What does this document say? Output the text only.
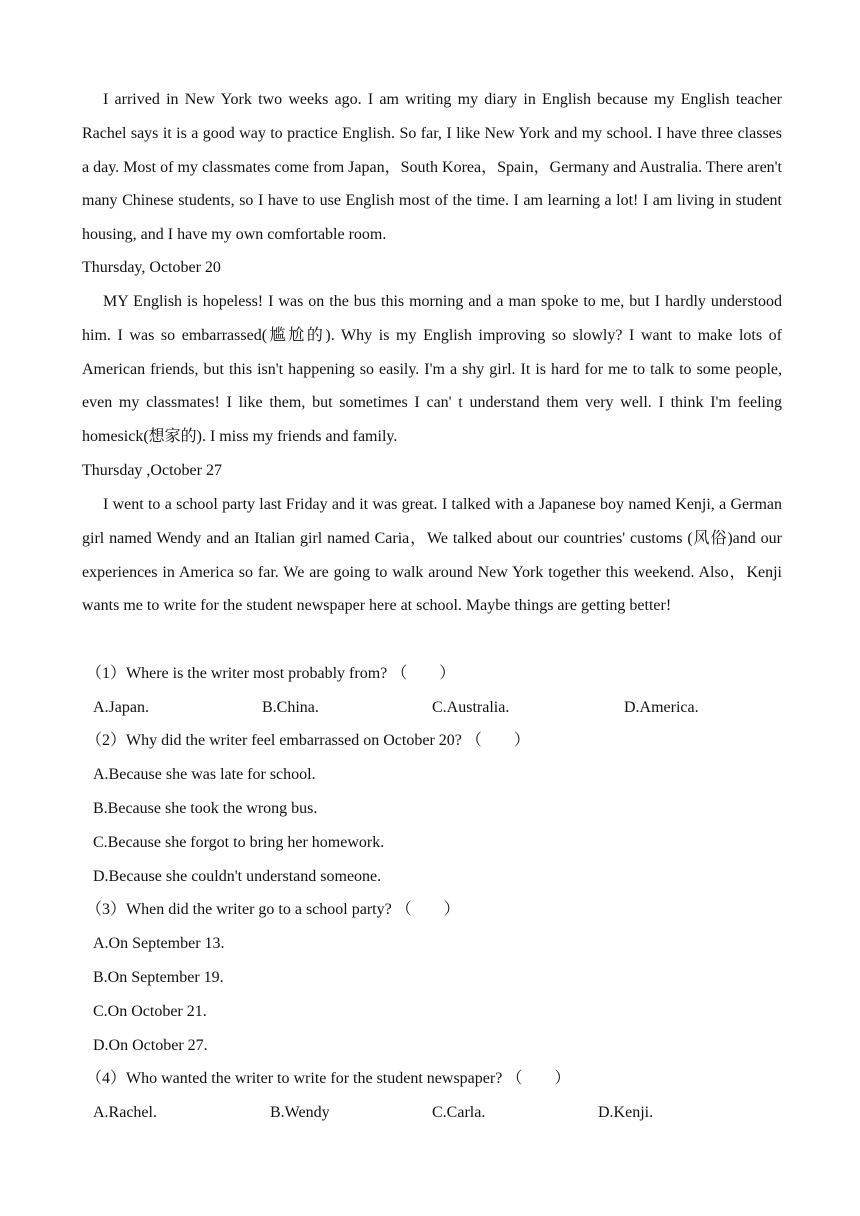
I arrived in New York two weeks ago. I am writing my diary in English because my English teacher Rachel says it is a good way to practice English. So far, I like New York and my school. I have three classes a day. Most of my classmates come from Japan，South Korea，Spain，Germany and Australia. There aren't many Chinese students, so I have to use English most of the time. I am learning a lot! I am living in student housing, and I have my own comfortable room.

Thursday, October 20

MY English is hopeless! I was on the bus this morning and a man spoke to me, but I hardly understood him. I was so embarrassed(尴尬的). Why is my English improving so slowly? I want to make lots of American friends, but this isn't happening so easily. I'm a shy girl. It is hard for me to talk to some people, even my classmates! I like them, but sometimes I can' t understand them very well. I think I'm feeling homesick(想家的). I miss my friends and family.

Thursday ,October 27

I went to a school party last Friday and it was great. I talked with a Japanese boy named Kenji, a German girl named Wendy and an Italian girl named Caria，We talked about our countries' customs (风俗)and our experiences in America so far. We are going to walk around New York together this weekend. Also，Kenji wants me to write for the student newspaper here at school. Maybe things are getting better!

（1）Where is the writer most probably from? （　　）
A.Japan.	B.China.	C.Australia.	D.America.
（2）Why did the writer feel embarrassed on October 20? （　　）
A.Because she was late for school.
B.Because she took the wrong bus.
C.Because she forgot to bring her homework.
D.Because she couldn't understand someone.
（3）When did the writer go to a school party? （　　）
A.On September 13.
B.On September 19.
C.On October 21.
D.On October 27.
（4）Who wanted the writer to write for the student newspaper? （　　）
A.Rachel.	B.Wendy	C.Carla.	D.Kenji.
